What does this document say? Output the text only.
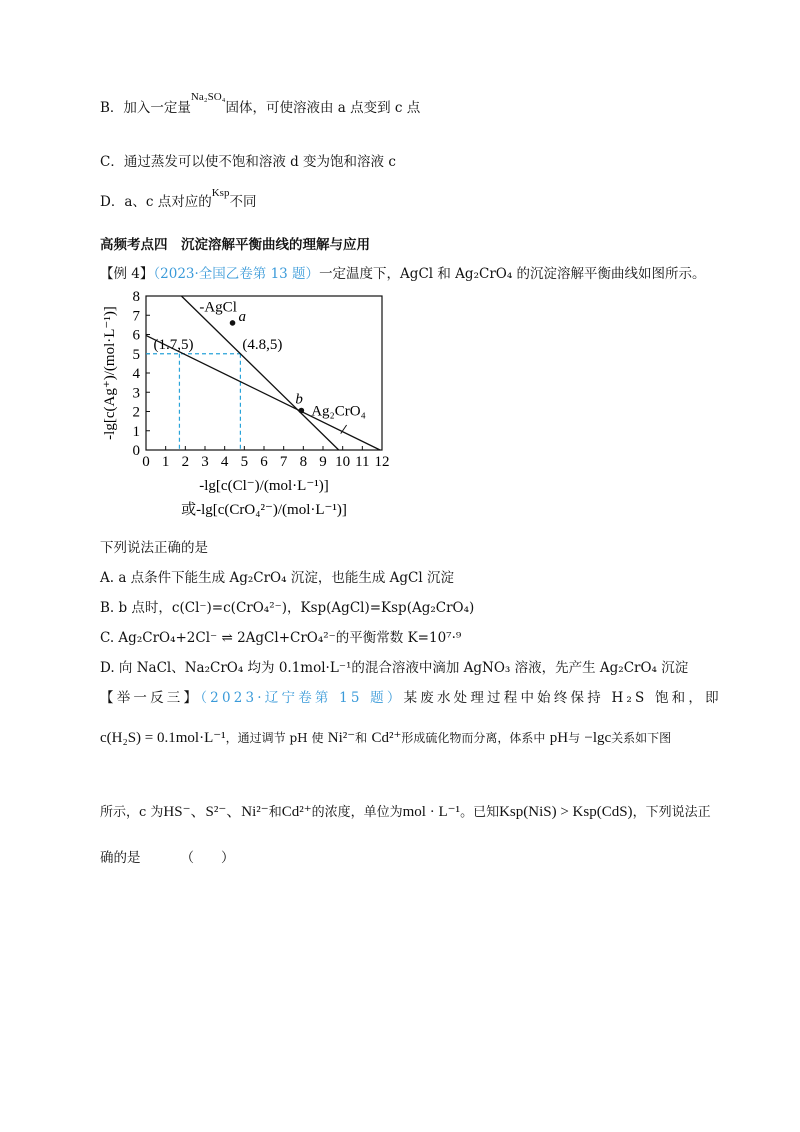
B．加入一定量$^{Na_2SO_4}$固体，可使溶液由 a 点变到 c 点
C．通过蒸发可以使不饱和溶液 d 变为饱和溶液 c
D．a、c 点对应的$^{Ksp}$不同
高频考点四　沉淀溶解平衡曲线的理解与应用
【例 4】（2023·全国乙卷第 13 题）一定温度下，AgCl 和 Ag₂CrO₄ 的沉淀溶解平衡曲线如图所示。
0 1 2 3 4 5 6 7 8 9 10 11 12
0
1
2
3
4
5
6
7
8
-lg[c(Ag⁺)/(mol·L⁻¹)]
-lg[c(Cl⁻)/(mol·L⁻¹)]
或-lg[c(CrO₄²⁻)/(mol·L⁻¹)]
a
b
-AgCl
Ag₂CrO₄
(1.7,5)	(4.8,5)
下列说法正确的是
A. a 点条件下能生成 Ag₂CrO₄ 沉淀，也能生成 AgCl 沉淀
B. b 点时，c(Cl⁻)=c(CrO₄²⁻)，Ksp(AgCl)=Ksp(Ag₂CrO₄)
C. Ag₂CrO₄+2Cl⁻ ⇌ 2AgCl+CrO₄²⁻的平衡常数 K=10⁷·⁹
D. 向 NaCl、Na₂CrO₄ 均为 0.1mol·L⁻¹的混合溶液中滴加 AgNO₃ 溶液，先产生 Ag₂CrO₄ 沉淀
【举一反三】（2023·辽宁卷第 15 题）某废水处理过程中始终保持 H₂S 饱和，即
c(H₂S) = 0.1mol·L⁻¹，通过调节 pH 使 Ni²⁻和 Cd²⁺形成硫化物而分离，体系中 pH与 −lgc关系如下图
所示，c 为HS⁻、S²⁻、Ni²⁻和Cd²⁺的浓度，单位为mol · L⁻¹。已知Ksp(NiS) > Ksp(CdS)，下列说法正
确的是	（　　）
